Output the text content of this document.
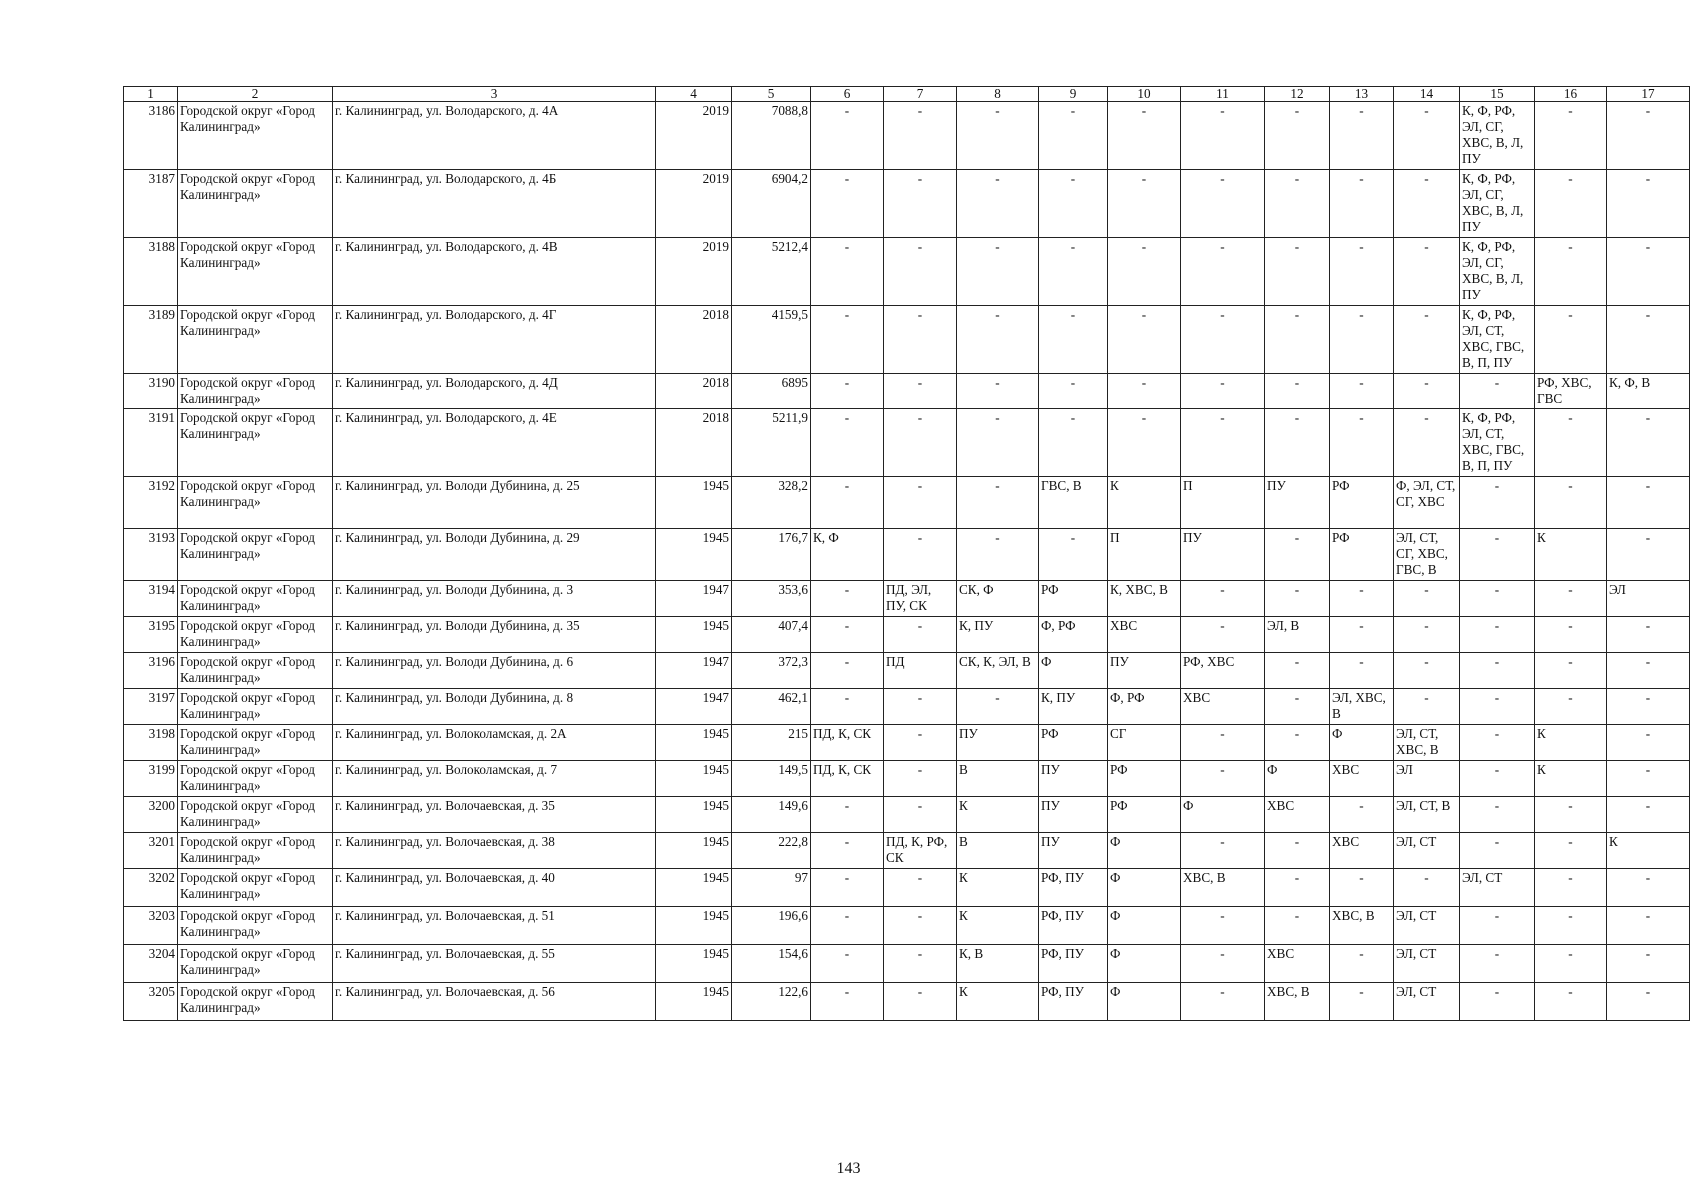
1	2	3	4	5	6	7	8	9	10	11	12	13	14	15	16	17
3186	Городской округ «Город Калининград»	г. Калининград, ул. Володарского, д. 4А	2019	7088,8	-	-	-	-	-	-	-	-	-	К, Ф, РФ, ЭЛ, СГ, ХВС, В, Л, ПУ	-	-
3187	Городской округ «Город Калининград»	г. Калининград, ул. Володарского, д. 4Б	2019	6904,2	-	-	-	-	-	-	-	-	-	К, Ф, РФ, ЭЛ, СГ, ХВС, В, Л, ПУ	-	-
3188	Городской округ «Город Калининград»	г. Калининград, ул. Володарского, д. 4В	2019	5212,4	-	-	-	-	-	-	-	-	-	К, Ф, РФ, ЭЛ, СГ, ХВС, В, Л, ПУ	-	-
3189	Городской округ «Город Калининград»	г. Калининград, ул. Володарского, д. 4Г	2018	4159,5	-	-	-	-	-	-	-	-	-	К, Ф, РФ, ЭЛ, СТ, ХВС, ГВС, В, П, ПУ	-	-
3190	Городской округ «Город Калининград»	г. Калининград, ул. Володарского, д. 4Д	2018	6895	-	-	-	-	-	-	-	-	-	-	РФ, ХВС, ГВС	К, Ф, В
3191	Городской округ «Город Калининград»	г. Калининград, ул. Володарского, д. 4Е	2018	5211,9	-	-	-	-	-	-	-	-	-	К, Ф, РФ, ЭЛ, СТ, ХВС, ГВС, В, П, ПУ	-	-
3192	Городской округ «Город Калининград»	г. Калининград, ул. Володи Дубинина, д. 25	1945	328,2	-	-	-	ГВС, В	К	П	ПУ	РФ	Ф, ЭЛ, СТ, СГ, ХВС	-	-	-
3193	Городской округ «Город Калининград»	г. Калининград, ул. Володи Дубинина, д. 29	1945	176,7	К, Ф	-	-	-	П	ПУ	-	РФ	ЭЛ, СТ, СГ, ХВС, ГВС, В	-	К	-
3194	Городской округ «Город Калининград»	г. Калининград, ул. Володи Дубинина, д. 3	1947	353,6	-	ПД, ЭЛ, ПУ, СК	СК, Ф	РФ	К, ХВС, В	-	-	-	-	-	-	ЭЛ
3195	Городской округ «Город Калининград»	г. Калининград, ул. Володи Дубинина, д. 35	1945	407,4	-	-	К, ПУ	Ф, РФ	ХВС	-	ЭЛ, В	-	-	-	-	-
3196	Городской округ «Город Калининград»	г. Калининград, ул. Володи Дубинина, д. 6	1947	372,3	-	ПД	СК, К, ЭЛ, В	Ф	ПУ	РФ, ХВС	-	-	-	-	-	-
3197	Городской округ «Город Калининград»	г. Калининград, ул. Володи Дубинина, д. 8	1947	462,1	-	-	-	К, ПУ	Ф, РФ	ХВС	-	ЭЛ, ХВС, В	-	-	-	-
3198	Городской округ «Город Калининград»	г. Калининград, ул. Волоколамская, д. 2А	1945	215	ПД, К, СК	-	ПУ	РФ	СГ	-	-	Ф	ЭЛ, СТ, ХВС, В	-	К	-
3199	Городской округ «Город Калининград»	г. Калининград, ул. Волоколамская, д. 7	1945	149,5	ПД, К, СК	-	В	ПУ	РФ	-	Ф	ХВС	ЭЛ	-	К	-
3200	Городской округ «Город Калининград»	г. Калининград, ул. Волочаевская, д. 35	1945	149,6	-	-	К	ПУ	РФ	Ф	ХВС	-	ЭЛ, СТ, В	-	-	-
3201	Городской округ «Город Калининград»	г. Калининград, ул. Волочаевская, д. 38	1945	222,8	-	ПД, К, РФ, СК	В	ПУ	Ф	-	-	ХВС	ЭЛ, СТ	-	-	К
3202	Городской округ «Город Калининград»	г. Калининград, ул. Волочаевская, д. 40	1945	97	-	-	К	РФ, ПУ	Ф	ХВС, В	-	-	-	ЭЛ, СТ	-	-
3203	Городской округ «Город Калининград»	г. Калининград, ул. Волочаевская, д. 51	1945	196,6	-	-	К	РФ, ПУ	Ф	-	-	ХВС, В	ЭЛ, СТ	-	-	-
3204	Городской округ «Город Калининград»	г. Калининград, ул. Волочаевская, д. 55	1945	154,6	-	-	К, В	РФ, ПУ	Ф	-	ХВС	-	ЭЛ, СТ	-	-	-
3205	Городской округ «Город Калининград»	г. Калининград, ул. Волочаевская, д. 56	1945	122,6	-	-	К	РФ, ПУ	Ф	-	ХВС, В	-	ЭЛ, СТ	-	-	-
143
